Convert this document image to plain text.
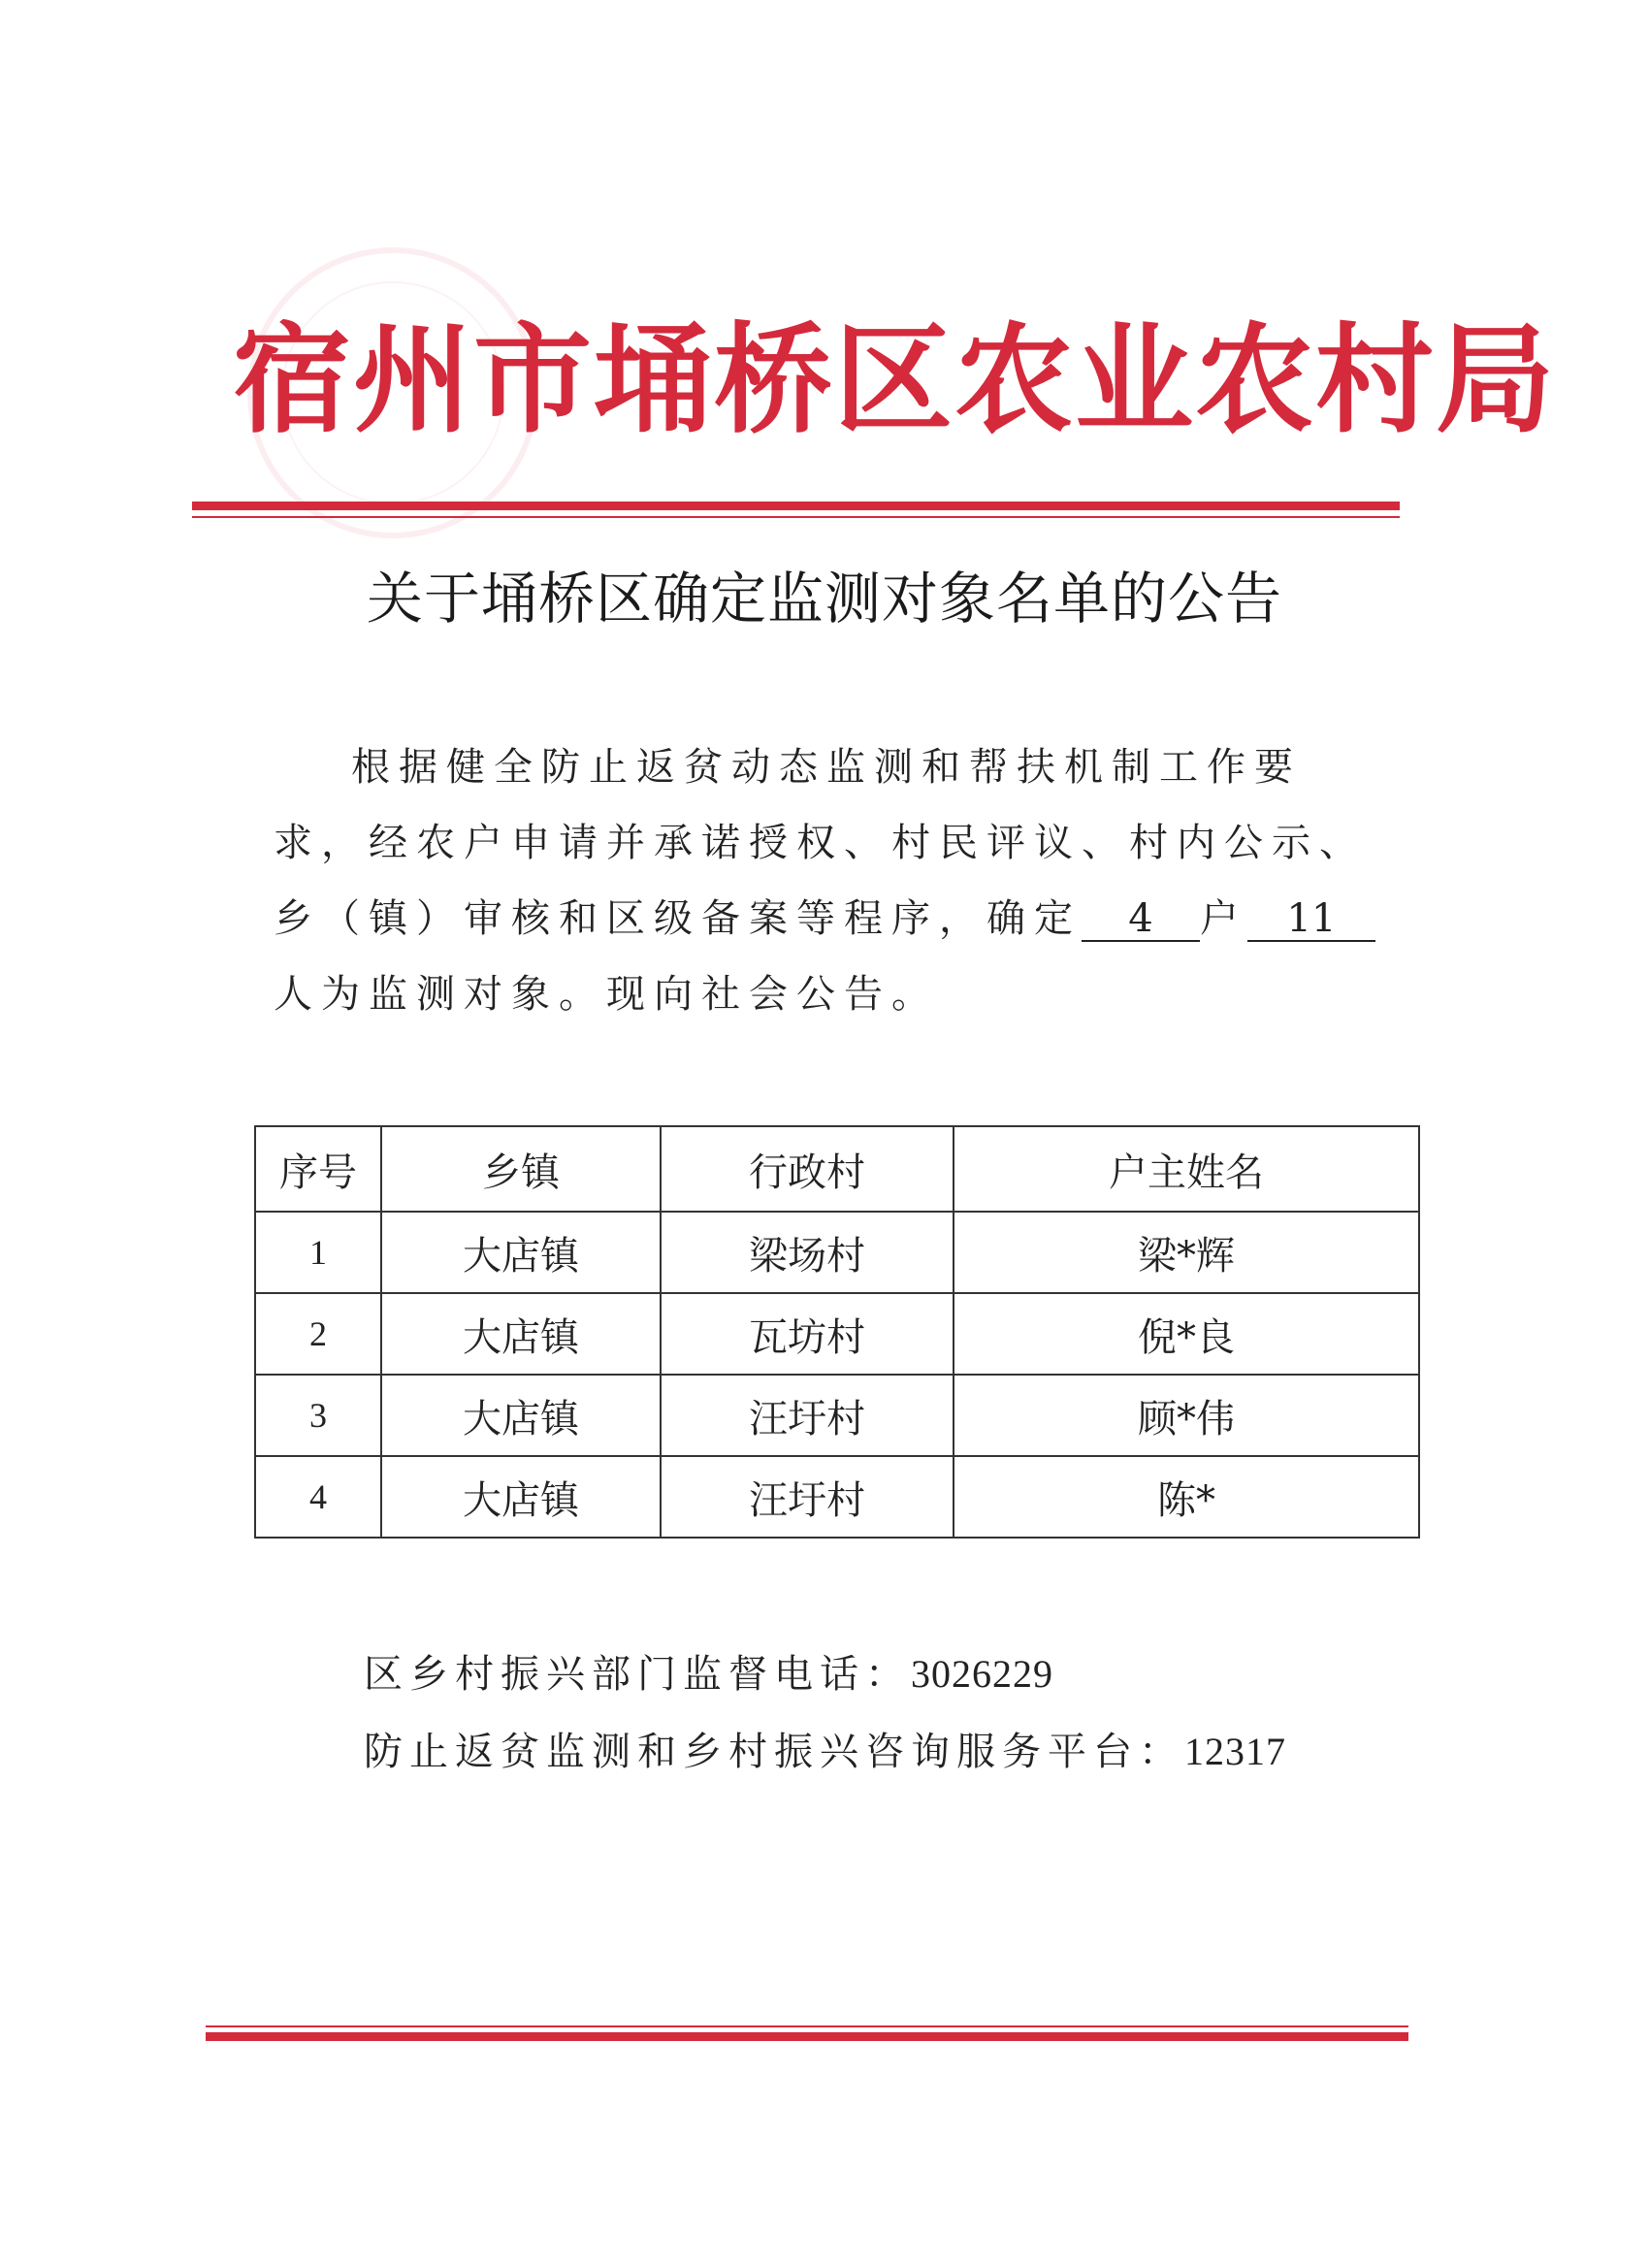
宿州市埇桥区农业农村局
关于埇桥区确定监测对象名单的公告
根据健全防止返贫动态监测和帮扶机制工作要求，经农户申请并承诺授权、村民评议、村内公示、乡（镇）审核和区级备案等程序，确定 4 户 11人为监测对象。现向社会公告。
序号	乡镇	行政村	户主姓名
1	大店镇	梁场村	梁*辉
2	大店镇	瓦坊村	倪*良
3	大店镇	汪圩村	顾*伟
4	大店镇	汪圩村	陈*
区乡村振兴部门监督电话：3026229
防止返贫监测和乡村振兴咨询服务平台：12317
